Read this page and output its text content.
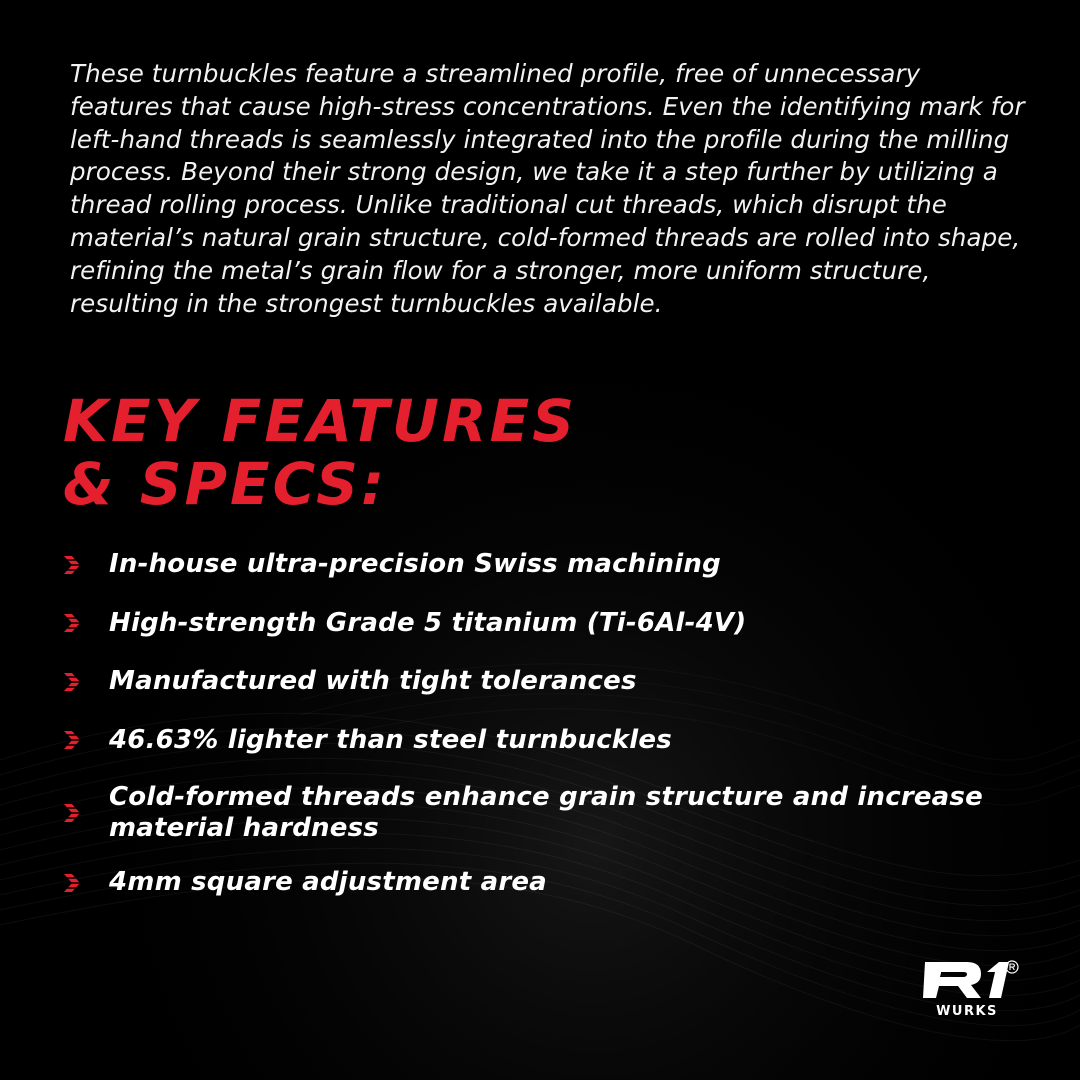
These turnbuckles feature a streamlined profile, free of unnecessary features that cause high-stress concentrations. Even the identifying mark for left-hand threads is seamlessly integrated into the profile during the milling process. Beyond their strong design, we take it a step further by utilizing a thread rolling process. Unlike traditional cut threads, which disrupt the material’s natural grain structure, cold-formed threads are rolled into shape, refining the metal’s grain flow for a stronger, more uniform structure, resulting in the strongest turnbuckles available.

KEY FEATURES
& SPECS:
In-house ultra-precision Swiss machining
High-strength Grade 5 titanium (Ti-6Al-4V)
Manufactured with tight tolerances
46.63% lighter than steel turnbuckles
Cold-formed threads enhance grain structure and increase material hardness
4mm square adjustment area
WURKS
